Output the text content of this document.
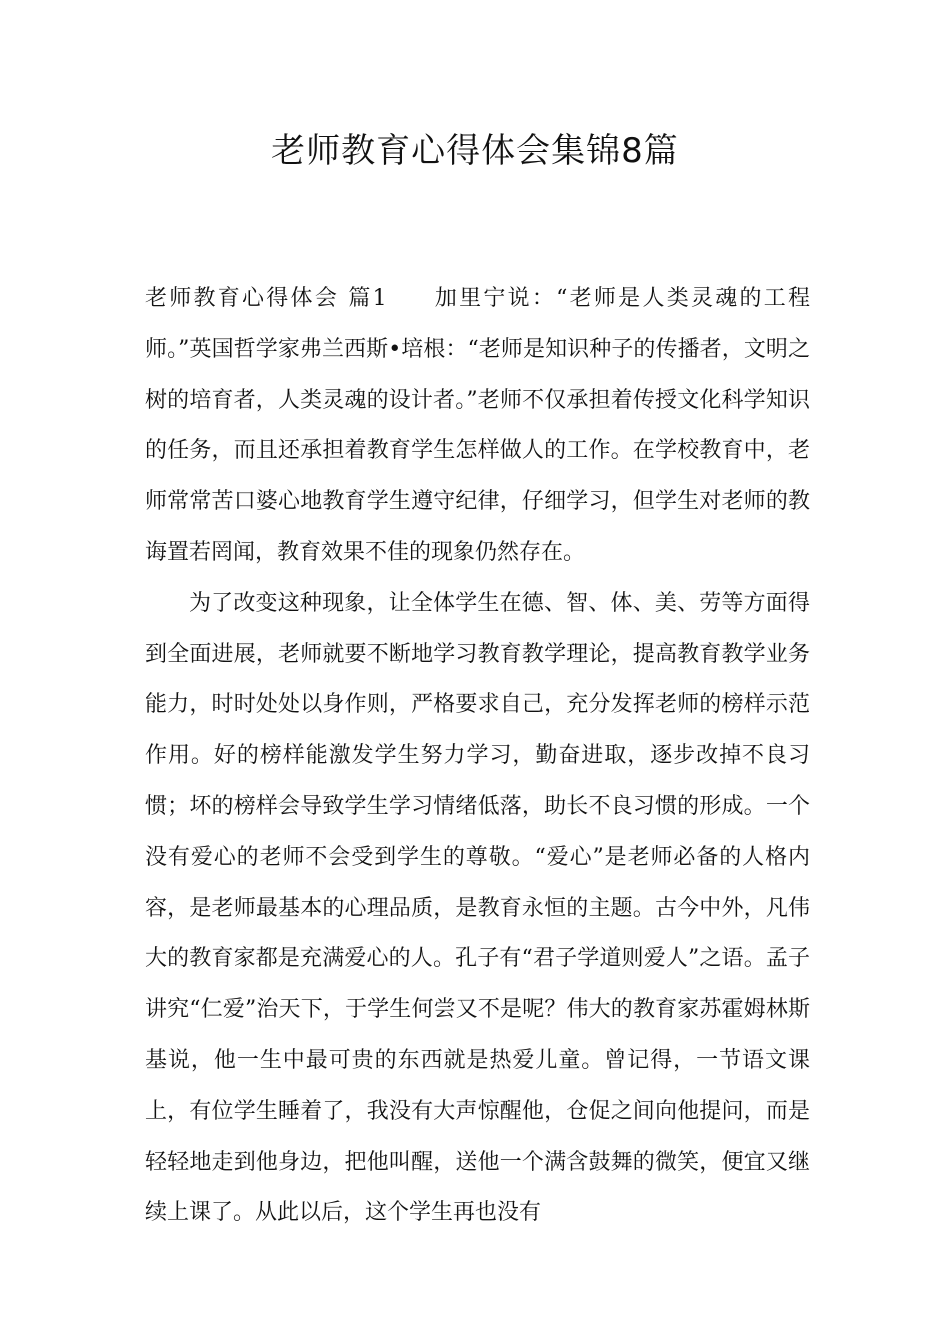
老师教育心得体会集锦8篇

老师教育心得体会 篇1 加里宁说：“老师是人类灵魂的工程师。”英国哲学家弗兰西斯•培根：“老师是知识种子的传播者，文明之树的培育者，人类灵魂的设计者。”老师不仅承担着传授文化科学知识的任务，而且还承担着教育学生怎样做人的工作。在学校教育中，老师常常苦口婆心地教育学生遵守纪律，仔细学习，但学生对老师的教诲置若罔闻，教育效果不佳的现象仍然存在。

为了改变这种现象，让全体学生在德、智、体、美、劳等方面得到全面进展，老师就要不断地学习教育教学理论，提高教育教学业务能力，时时处处以身作则，严格要求自己，充分发挥老师的榜样示范作用。好的榜样能激发学生努力学习，勤奋进取，逐步改掉不良习惯；坏的榜样会导致学生学习情绪低落，助长不良习惯的形成。一个没有爱心的老师不会受到学生的尊敬。“爱心”是老师必备的人格内容，是老师最基本的心理品质，是教育永恒的主题。古今中外，凡伟大的教育家都是充满爱心的人。孔子有“君子学道则爱人”之语。孟子讲究“仁爱”治天下，于学生何尝又不是呢？伟大的教育家苏霍姆林斯基说，他一生中最可贵的东西就是热爱儿童。曾记得，一节语文课上，有位学生睡着了，我没有大声惊醒他，仓促之间向他提问，而是轻轻地走到他身边，把他叫醒，送他一个满含鼓舞的微笑，便宜又继续上课了。从此以后，这个学生再也没有
